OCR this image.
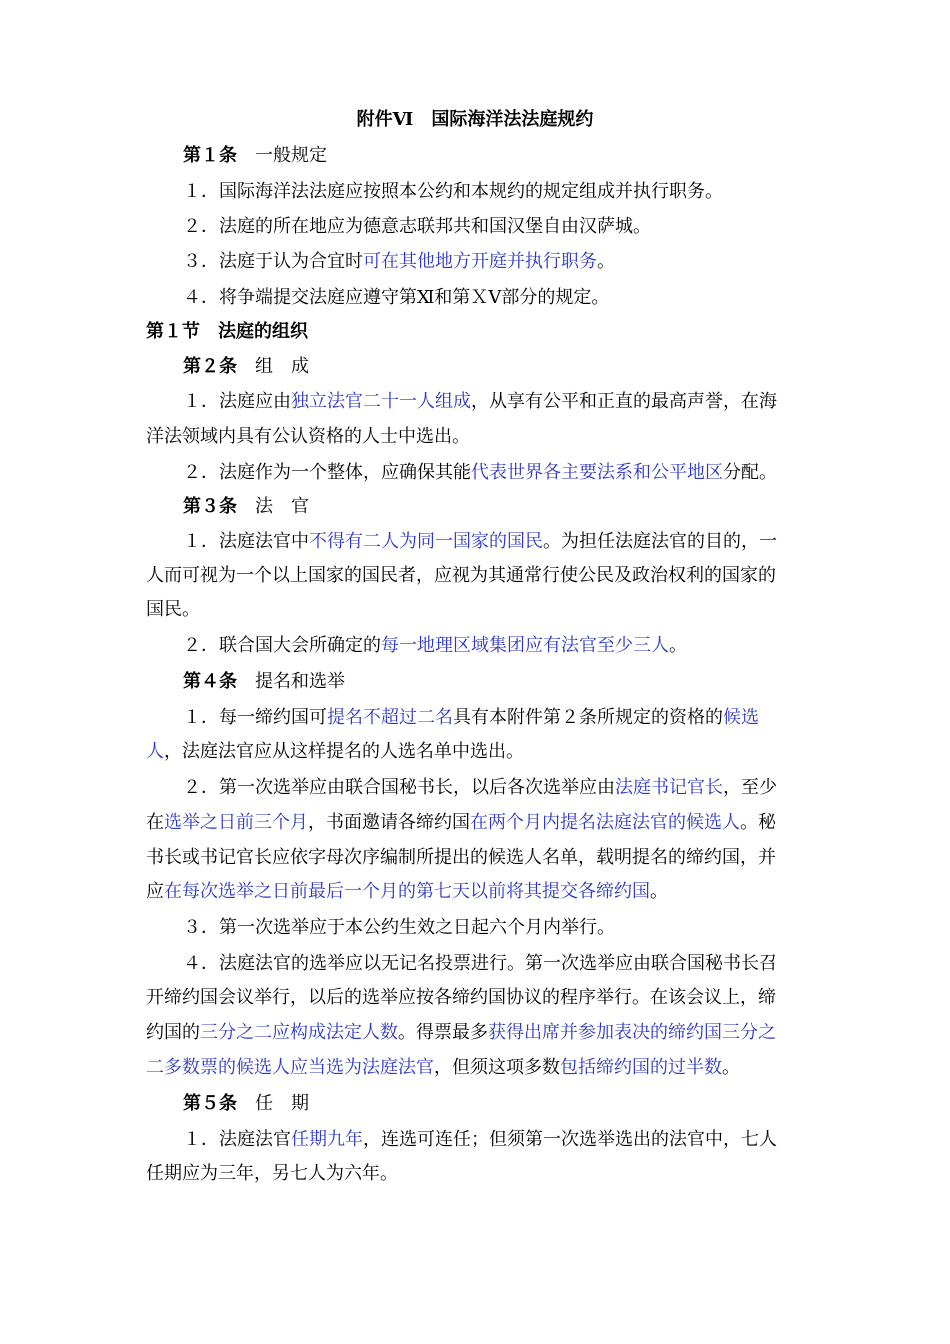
附件Ⅵ　国际海洋法法庭规约
第１条 一般规定
１．国际海洋法法庭应按照本公约和本规约的规定组成并执行职务。
２．法庭的所在地应为德意志联邦共和国汉堡自由汉萨城。
３．法庭于认为合宜时可在其他地方开庭并执行职务。
４．将争端提交法庭应遵守第Ⅺ和第ＸⅤ部分的规定。
第１节 法庭的组织
第２条 组　成
１．法庭应由独立法官二十一人组成，从享有公平和正直的最高声誉，在海
洋法领域内具有公认资格的人士中选出。
２．法庭作为一个整体，应确保其能代表世界各主要法系和公平地区分配。
第３条 法　官
１．法庭法官中不得有二人为同一国家的国民。为担任法庭法官的目的，一
人而可视为一个以上国家的国民者，应视为其通常行使公民及政治权利的国家的
国民。
２．联合国大会所确定的每一地理区域集团应有法官至少三人。
第４条 提名和选举
１．每一缔约国可提名不超过二名具有本附件第２条所规定的资格的候选
人，法庭法官应从这样提名的人选名单中选出。
２．第一次选举应由联合国秘书长，以后各次选举应由法庭书记官长，至少
在选举之日前三个月，书面邀请各缔约国在两个月内提名法庭法官的候选人。秘
书长或书记官长应依字母次序编制所提出的候选人名单，载明提名的缔约国，并
应在每次选举之日前最后一个月的第七天以前将其提交各缔约国。
３．第一次选举应于本公约生效之日起六个月内举行。
４．法庭法官的选举应以无记名投票进行。第一次选举应由联合国秘书长召
开缔约国会议举行，以后的选举应按各缔约国协议的程序举行。在该会议上，缔
约国的三分之二应构成法定人数。得票最多获得出席并参加表决的缔约国三分之
二多数票的候选人应当选为法庭法官，但须这项多数包括缔约国的过半数。
第５条 任　期
１．法庭法官任期九年，连选可连任；但须第一次选举选出的法官中，七人
任期应为三年，另七人为六年。
